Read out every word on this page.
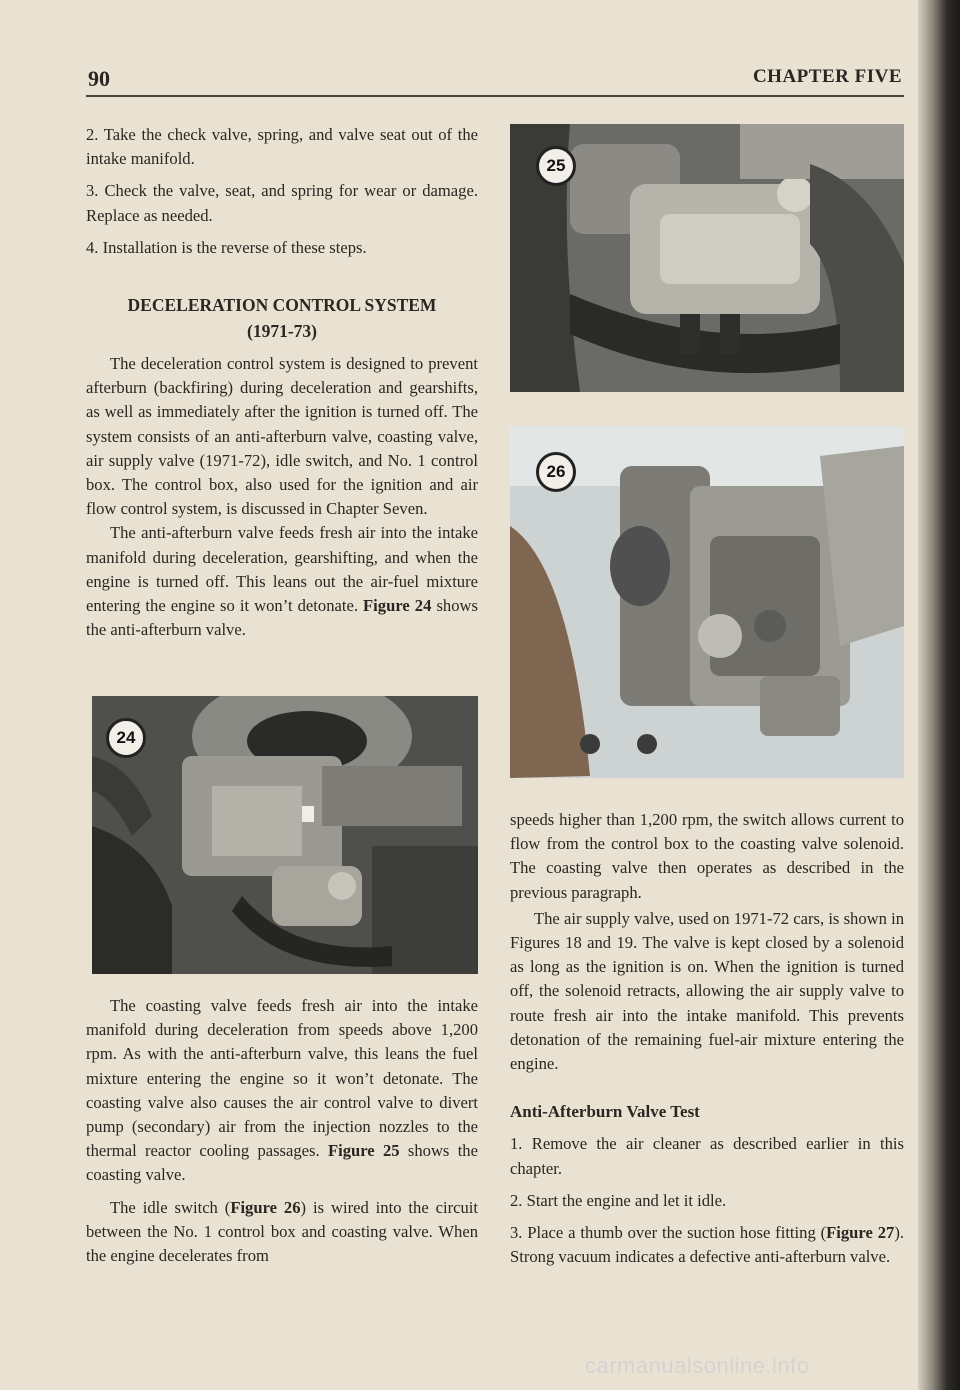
90	CHAPTER FIVE

2. Take the check valve, spring, and valve seat out of the intake manifold.

3. Check the valve, seat, and spring for wear or damage. Replace as needed.

4. Installation is the reverse of these steps.

DECELERATION CONTROL SYSTEM
(1971-73)

The deceleration control system is designed to prevent afterburn (backfiring) during deceleration and gearshifts, as well as immediately after the ignition is turned off. The system consists of an anti-afterburn valve, coasting valve, air supply valve (1971-72), idle switch, and No. 1 control box. The control box, also used for the ignition and air flow control system, is discussed in Chapter Seven.

The anti-afterburn valve feeds fresh air into the intake manifold during deceleration, gearshifting, and when the engine is turned off. This leans out the air-fuel mixture entering the engine so it won’t detonate. Figure 24 shows the anti-afterburn valve.

24

The coasting valve feeds fresh air into the intake manifold during deceleration from speeds above 1,200 rpm. As with the anti-afterburn valve, this leans the fuel mixture entering the engine so it won’t detonate. The coasting valve also causes the air control valve to divert pump (secondary) air from the injection nozzles to the thermal reactor cooling passages. Figure 25 shows the coasting valve.

The idle switch (Figure 26) is wired into the circuit between the No. 1 control box and coasting valve. When the engine decelerates from

25
26

speeds higher than 1,200 rpm, the switch allows current to flow from the control box to the coasting valve solenoid. The coasting valve then operates as described in the previous paragraph.

The air supply valve, used on 1971-72 cars, is shown in Figures 18 and 19. The valve is kept closed by a solenoid as long as the ignition is on. When the ignition is turned off, the solenoid retracts, allowing the air supply valve to route fresh air into the intake manifold. This prevents detonation of the remaining fuel-air mixture entering the engine.

Anti-Afterburn Valve Test

1. Remove the air cleaner as described earlier in this chapter.

2. Start the engine and let it idle.

3. Place a thumb over the suction hose fitting (Figure 27). Strong vacuum indicates a defective anti-afterburn valve.

carmanualsonline.info
